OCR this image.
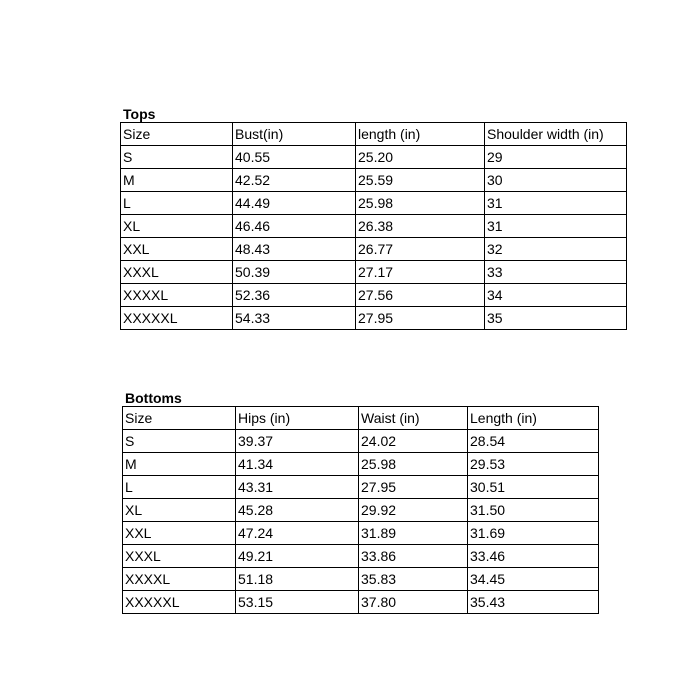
Tops
Size	Bust(in)	length (in)	Shoulder width (in)
S	40.55	25.20	29
M	42.52	25.59	30
L	44.49	25.98	31
XL	46.46	26.38	31
XXL	48.43	26.77	32
XXXL	50.39	27.17	33
XXXXL	52.36	27.56	34
XXXXXL	54.33	27.95	35
Bottoms
Size	Hips (in)	Waist (in)	Length (in)
S	39.37	24.02	28.54
M	41.34	25.98	29.53
L	43.31	27.95	30.51
XL	45.28	29.92	31.50
XXL	47.24	31.89	31.69
XXXL	49.21	33.86	33.46
XXXXL	51.18	35.83	34.45
XXXXXL	53.15	37.80	35.43
